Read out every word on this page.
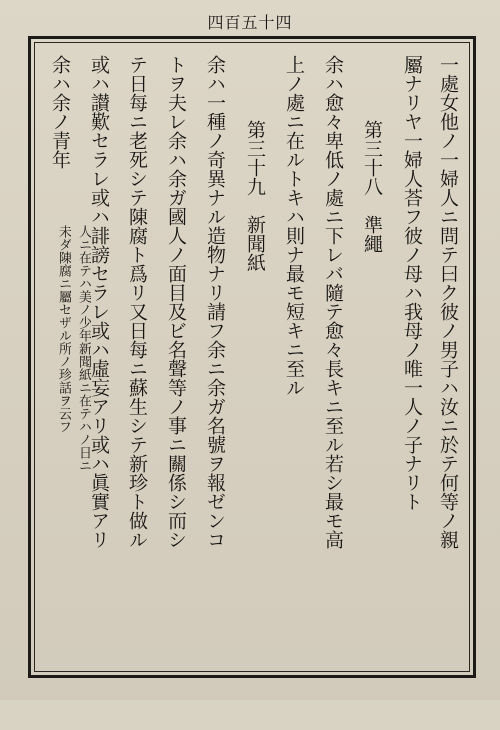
四百五十四
一處女他ノ一婦人ニ問テ曰ク彼ノ男子ハ汝ニ於テ何等ノ親
屬ナリヤ一婦人荅フ彼ノ母ハ我母ノ唯一人ノ子ナリト
第三十八　準繩
余ハ愈々卑低ノ處ニ下レバ隨テ愈々長キニ至ル若シ最モ高
上ノ處ニ在ルトキハ則ナ最モ短キニ至ル
第三十九　新聞紙
余ハ一種ノ奇異ナル造物ナリ請フ余ニ余ガ名號ヲ報ゼンコ
トヲ夫レ余ハ余ガ國人ノ面目及ビ名聲等ノ事ニ關係シ而シ
テ日每ニ老死シテ陳腐ト爲リ又日每ニ蘇生シテ新珍ト做ル
或ハ讃歎セラレ或ハ誹謗セラレ或ハ虛妄アリ或ハ眞實アリ
余ハ余ノ青年
人ニ在テハ美ノ少年新聞紙ニ在テハノ日ニ
未ダ陳腐ニ屬セザル所ノ珍話ヲ云フ
